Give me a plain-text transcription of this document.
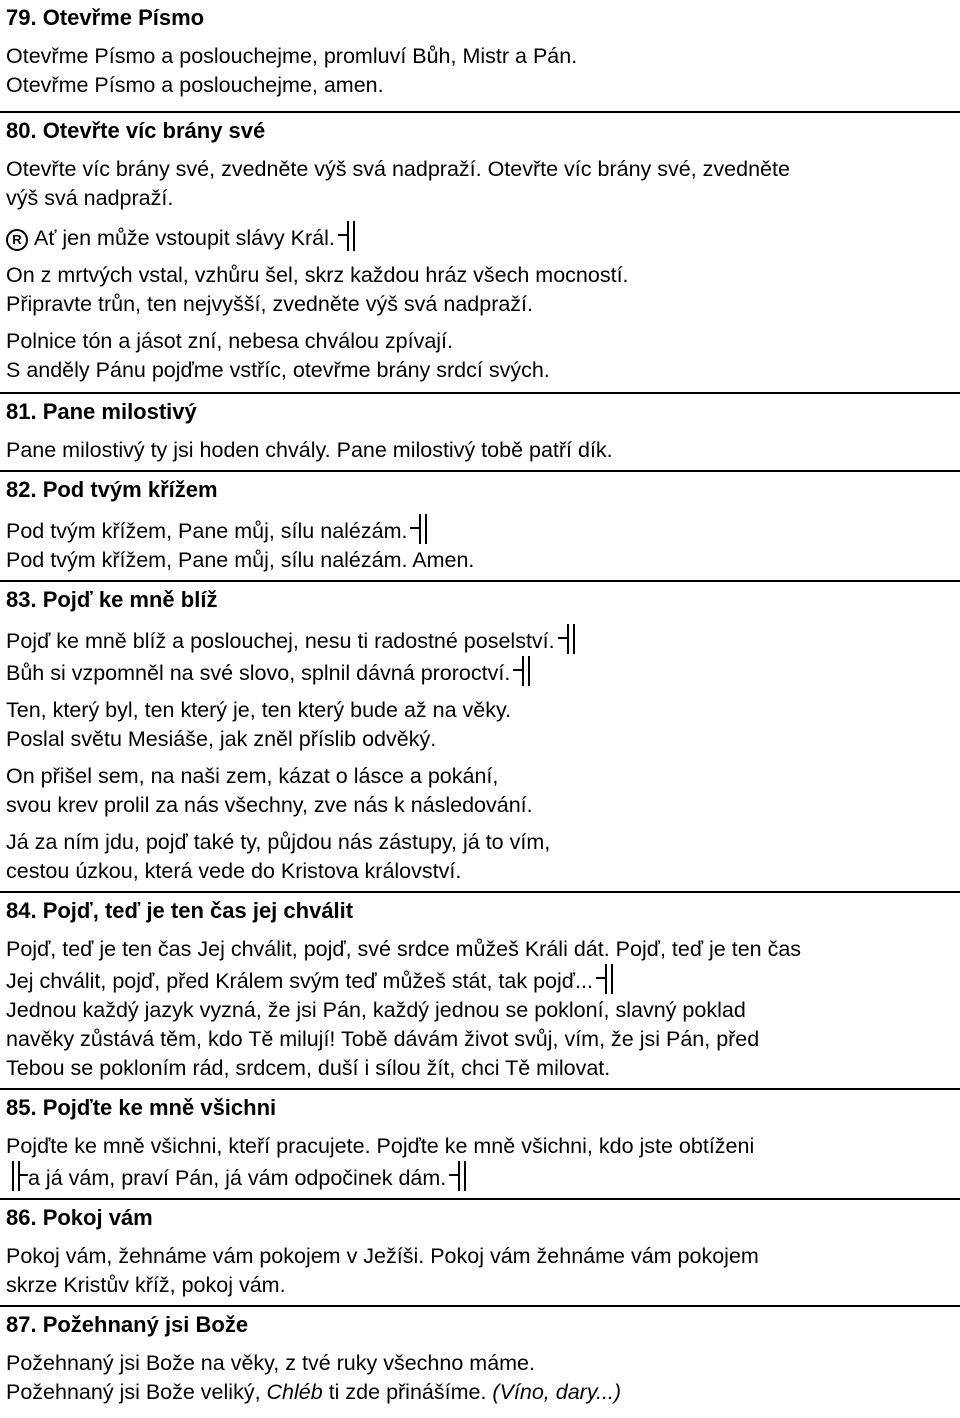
79. Otevřme Písmo
Otevřme Písmo a poslouchejme, promluví Bůh, Mistr a Pán.
Otevřme Písmo a poslouchejme, amen.
80. Otevřte víc brány své
Otevřte víc brány své, zvedněte výš svá nadpraží. Otevřte víc brány své, zvedněte
výš svá nadpraží.
R Ať jen může vstoupit slávy Král.
On z mrtvých vstal, vzhůru šel, skrz každou hráz všech mocností.
Připravte trůn, ten nejvyšší, zvedněte výš svá nadpraží.
Polnice tón a jásot zní, nebesa chválou zpívají.
S anděly Pánu pojďme vstříc, otevřme brány srdcí svých.
81. Pane milostivý
Pane milostivý ty jsi hoden chvály. Pane milostivý tobě patří dík.
82. Pod tvým křížem
Pod tvým křížem, Pane můj, sílu nalézám.
Pod tvým křížem, Pane můj, sílu nalézám. Amen.
83. Pojď ke mně blíž
Pojď ke mně blíž a poslouchej, nesu ti radostné poselství.
Bůh si vzpomněl na své slovo, splnil dávná proroctví.
Ten, který byl, ten který je, ten který bude až na věky.
Poslal světu Mesiáše, jak zněl příslib odvěký.
On přišel sem, na naši zem, kázat o lásce a pokání,
svou krev prolil za nás všechny, zve nás k následování.
Já za ním jdu, pojď také ty, půjdou nás zástupy, já to vím,
cestou úzkou, která vede do Kristova království.
84. Pojď, teď je ten čas jej chválit
Pojď, teď je ten čas Jej chválit, pojď, své srdce můžeš Králi dát. Pojď, teď je ten čas
Jej chválit, pojď, před Králem svým teď můžeš stát, tak pojď...
Jednou každý jazyk vyzná, že jsi Pán, každý jednou se pokloní, slavný poklad
navěky zůstává těm, kdo Tě milují! Tobě dávám život svůj, vím, že jsi Pán, před
Tebou se pokloním rád, srdcem, duší i sílou žít, chci Tě milovat.
85. Pojďte ke mně všichni
Pojďte ke mně všichni, kteří pracujete. Pojďte ke mně všichni, kdo jste obtíženi
a já vám, praví Pán, já vám odpočinek dám.
86. Pokoj vám
Pokoj vám, žehnáme vám pokojem v Ježíši. Pokoj vám žehnáme vám pokojem
skrze Kristův kříž, pokoj vám.
87. Požehnaný jsi Bože
Požehnaný jsi Bože na věky, z tvé ruky všechno máme.
Požehnaný jsi Bože veliký, Chléb ti zde přinášíme. (Víno, dary...)
